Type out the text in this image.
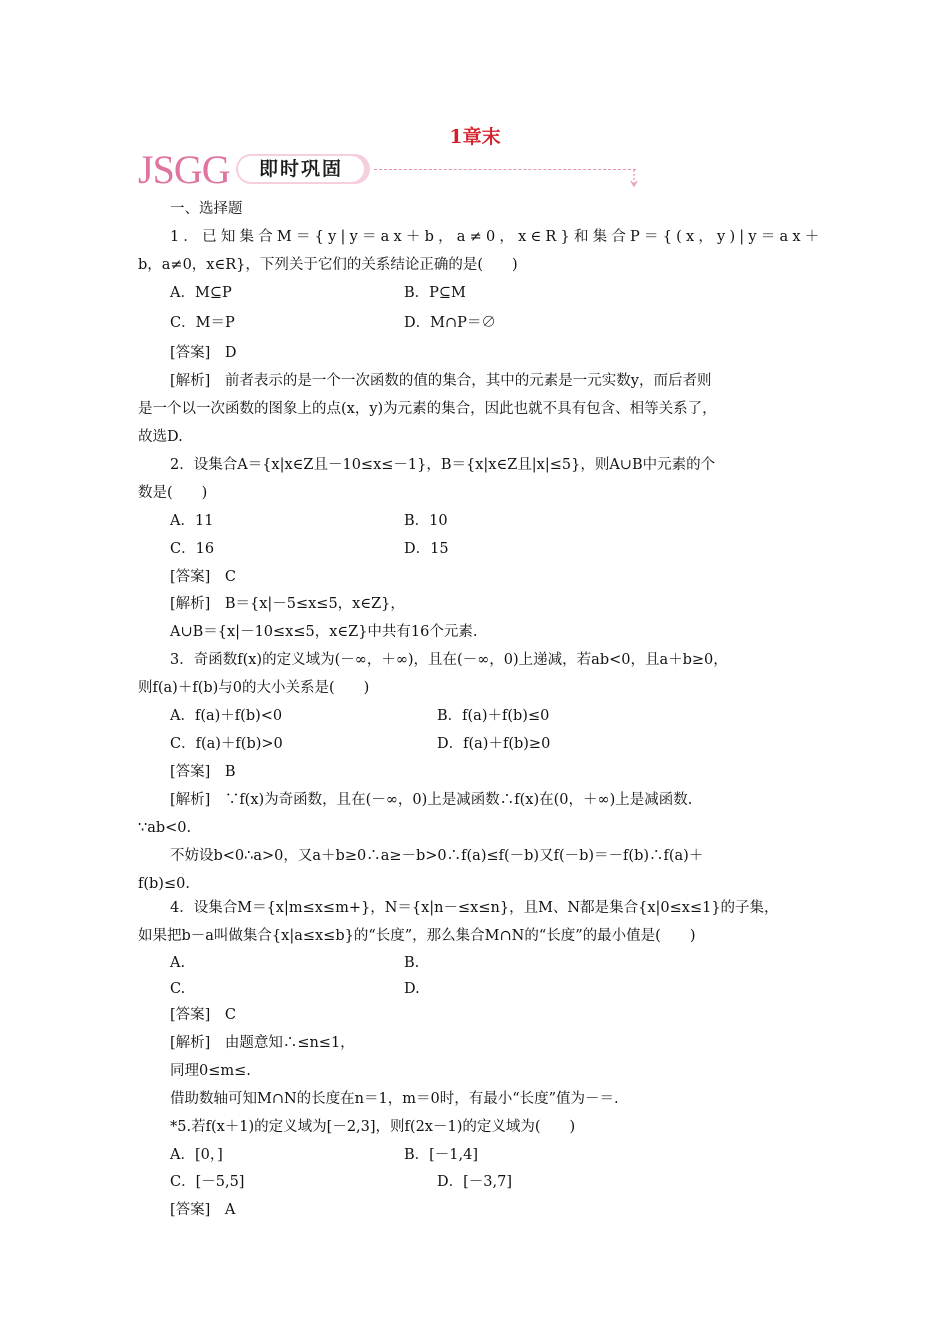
1章末
JSGG	即时巩固
一、选择题
1．已知集合M＝{y|y＝ax＋b，a≠0，x∈R}和集合P＝{(x，y)|y＝ax＋
b，a≠0，x∈R}，下列关于它们的关系结论正确的是(　　)
A．M⊆P	B．P⊆M
C．M＝P	D．M∩P＝∅
[答案]　D
[解析]　前者表示的是一个一次函数的值的集合，其中的元素是一元实数y，而后者则
是一个以一次函数的图象上的点(x，y)为元素的集合，因此也就不具有包含、相等关系了，
故选D.
2．设集合A＝{x|x∈Z且－10≤x≤－1}，B＝{x|x∈Z且|x|≤5}，则A∪B中元素的个
数是(　　)
A．11	B．10
C．16	D．15
[答案]　C
[解析]　B＝{x|－5≤x≤5，x∈Z}，
A∪B＝{x|－10≤x≤5，x∈Z}中共有16个元素.
3．奇函数f(x)的定义域为(－∞，＋∞)，且在(－∞，0)上递减，若ab<0，且a＋b≥0，
则f(a)＋f(b)与0的大小关系是(　　)
A．f(a)＋f(b)<0	B．f(a)＋f(b)≤0
C．f(a)＋f(b)>0	D．f(a)＋f(b)≥0
[答案]　B
[解析]　∵f(x)为奇函数，且在(－∞，0)上是减函数∴f(x)在(0，＋∞)上是减函数.
∵ab<0.
不妨设b<0∴a>0，又a＋b≥0∴a≥－b>0∴f(a)≤f(－b)又f(－b)＝－f(b)∴f(a)＋
f(b)≤0.
4．设集合M＝{x|m≤x≤m+}，N＝{x|n－≤x≤n}，且M、N都是集合{x|0≤x≤1}的子集，
如果把b－a叫做集合{x|a≤x≤b}的“长度”，那么集合M∩N的“长度”的最小值是(　　)
A.	B.
C.	D.
[答案]　C
[解析]　由题意知∴≤n≤1，
同理0≤m≤.
借助数轴可知M∩N的长度在n＝1，m＝0时，有最小“长度”值为－＝.
*5.若f(x＋1)的定义域为[－2,3]，则f(2x－1)的定义域为(　　)
A．[0，]	B．[－1,4]
C．[－5,5]	D．[－3,7]
[答案]　A
